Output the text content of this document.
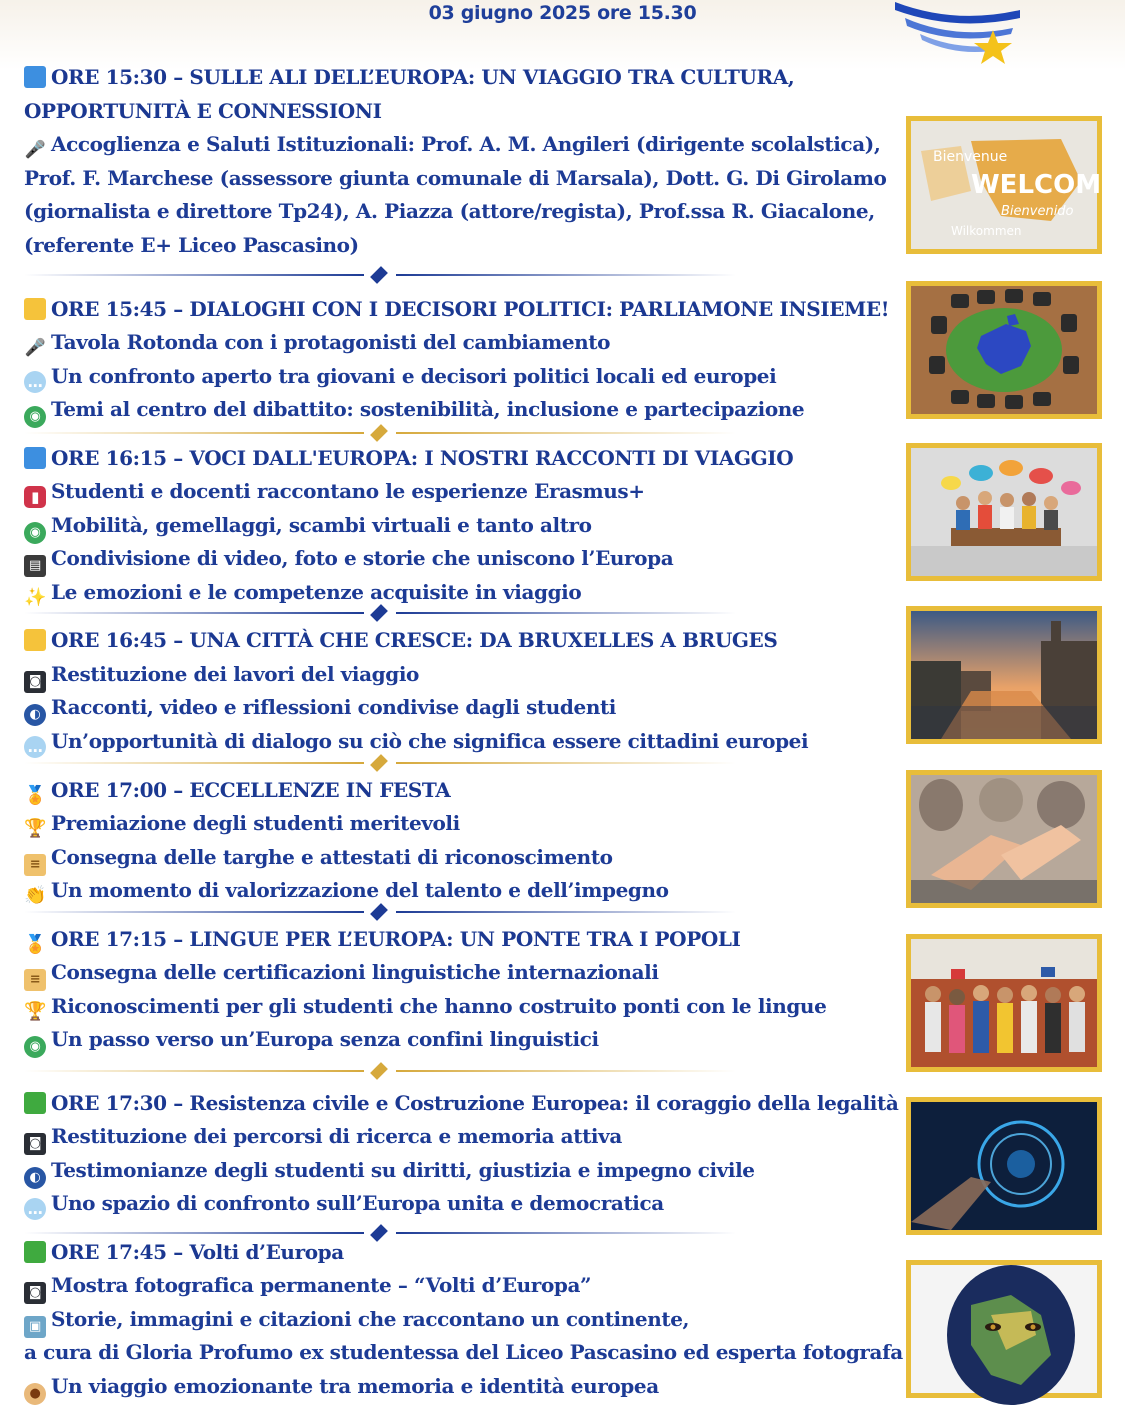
03 giugno 2025 ore 15.30
ORE 15:30 – SULLE ALI DELL’EUROPA: UN VIAGGIO TRA CULTURA,
OPPORTUNITÀ E CONNESSIONI
🎤 Accoglienza e Saluti Istituzionali: Prof. A. M. Angileri (dirigente scolalstica),
Prof. F. Marchese (assessore giunta comunale di Marsala), Dott. G. Di Girolamo
(giornalista e direttore Tp24), A. Piazza (attore/regista), Prof.ssa R. Giacalone,
(referente E+ Liceo Pascasino)
Bienvenue
WELCOME
Bienvenido
Wilkommen
ORE 15:45 – DIALOGHI CON I DECISORI POLITICI: PARLIAMONE INSIEME!
🎤 Tavola Rotonda con i protagonisti del cambiamento
… Un confronto aperto tra giovani e decisori politici locali ed europei
◉ Temi al centro del dibattito: sostenibilità, inclusione e partecipazione
ORE 16:15 – VOCI DALL'EUROPA: I NOSTRI RACCONTI DI VIAGGIO
▮ Studenti e docenti raccontano le esperienze Erasmus+
◉ Mobilità, gemellaggi, scambi virtuali e tanto altro
▤ Condivisione di video, foto e storie che uniscono l’Europa
✨ Le emozioni e le competenze acquisite in viaggio
ORE 16:45 – UNA CITTÀ CHE CRESCE: DA BRUXELLES A BRUGES
◙ Restituzione dei lavori del viaggio
◐ Racconti, video e riflessioni condivise dagli studenti
… Un’opportunità di dialogo su ciò che significa essere cittadini europei
🏅 ORE 17:00 – ECCELLENZE IN FESTA
🏆 Premiazione degli studenti meritevoli
≡ Consegna delle targhe e attestati di riconoscimento
👏 Un momento di valorizzazione del talento e dell’impegno
🏅 ORE 17:15 – LINGUE PER L’EUROPA: UN PONTE TRA I POPOLI
≡ Consegna delle certificazioni linguistiche internazionali
🏆 Riconoscimenti per gli studenti che hanno costruito ponti con le lingue
◉ Un passo verso un’Europa senza confini linguistici
ORE 17:30 – Resistenza civile e Costruzione Europea: il coraggio della legalità
◙ Restituzione dei percorsi di ricerca e memoria attiva
◐ Testimonianze degli studenti su diritti, giustizia e impegno civile
… Uno spazio di confronto sull’Europa unita e democratica
ORE 17:45 – Volti d’Europa
◙ Mostra fotografica permanente – “Volti d’Europa”
▣ Storie, immagini e citazioni che raccontano un continente,
a cura di Gloria Profumo ex studentessa del Liceo Pascasino ed esperta fotografa
● Un viaggio emozionante tra memoria e identità europea
